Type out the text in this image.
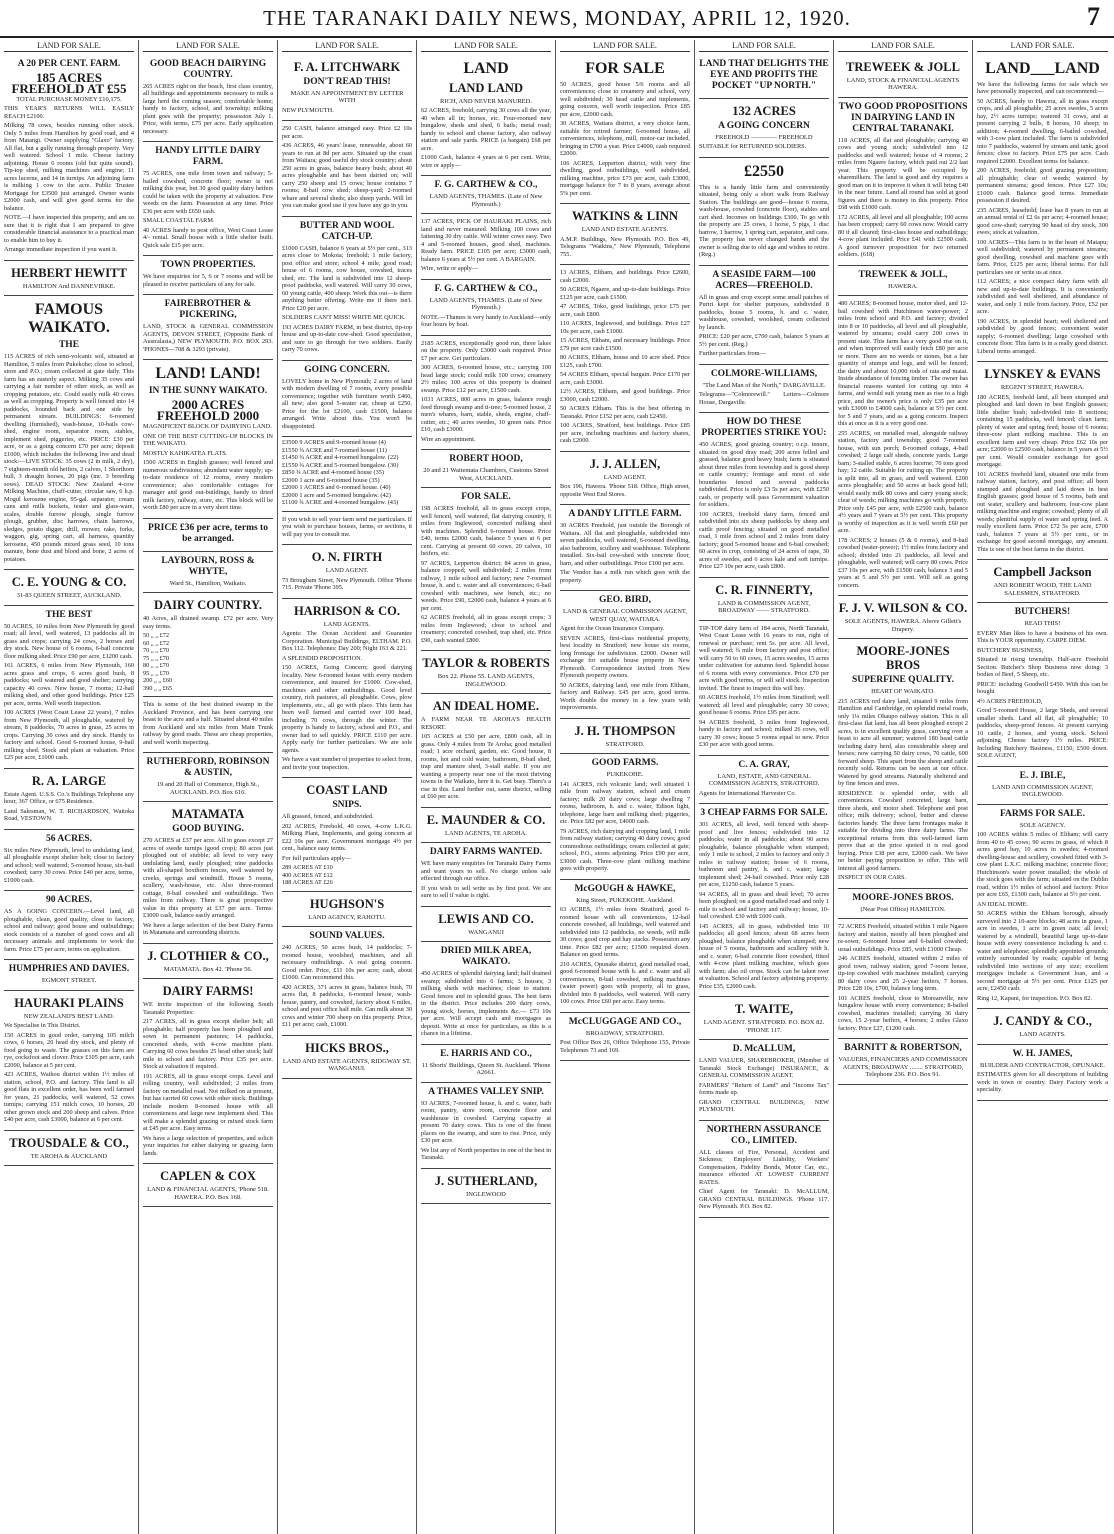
THE TARANAKI DAILY NEWS, MONDAY, APRIL 12, 1920.	7
LAND FOR SALE.
A 20 PER CENT. FARM.
185 ACRES FREEHOLD AT £55
TOTAL PURCHASE MONEY £10,175.

THIS YEAR'S RETURNS WILL EASILY REACH £2100.

Milking 78 cows, besides running other stock. Only 5 miles from Hamilton by good road, and 4 from Matangi. Owner supplying "Glaxo" factory. All flat, but a gully running through property. Very well watered. School 1 mile. Cheese factory adjoining. House 6 rooms (old but quite sound). Tip-top shed, milking machines and engine; 11 acres lucerne, and 14 in turnips. An adjoining farm is milking 1 cow to the acre. Public Trustee Mortgage for £3500 just arranged. Owner wants £2000 cash, and will give good terms for the balance.

NOTE.—I have inspected this property, and am so sure that it is right that I am prepared to give considerable financial assistance to a practical man to enable him to buy it.

Arrange immediate inspection if you want it.

HERBERT HEWITT
HAMILTON And DANNEVIRKE.
FAMOUS WAIKATO.
THE

115 ACRES of rich semi-volcanic soil, situated at Hamilton, 5 miles from Pukekohe; close to school, store and P.O.; cream collected at gate daily. This farm has an easterly aspect. Milking 35 cows and carrying a fair number of other stock, as well as cropping potatoes, etc. Could easily milk 40 cows as well as cropping. Property is well fenced into 14 paddocks, bounded back and one side by permanent stream. BUILDINGS: 6-roomed dwelling (furnished), wash-house, 10-bails cow-shed, engine room, separator room, stables, implement shed, piggeries, etc. PRICE: £30 per acre, or as a going concern £70 per acre; deposit £1000, which includes the following live and dead stock:—LIVE STOCK: 35 cows (2 in milk, 2 dry), 7 eighteen-month old heifers, 2 calves, 1 Shorthorn bull, 3 draught horses, 20 pigs (inc. 3 breeding sows). DEAD STOCK: New Zealand 4-cow Milking Machine, chaff-cutter, circular saw, 6 h.p. Mogul kerosene engine, 95-gal. separator, cream cans and milk buckets, tester and glass-ware, scales, double furrow plough, single furrow plough, grubber, disc harrows, chain harrows, sledges, potato digger, drill, mower, rake, forks, waggon, gig, spring cart, all harness, quantity kerosene, 450 pounds mixed grass seed, 10 tons manure, bone dust and blood and bone, 2 acres of potatoes.

C. E. YOUNG & CO.
31-83 QUEEN STREET, AUCKLAND.
THE BEST

50 ACRES, 10 miles from New Plymouth by good road; all level, well watered, 13 paddocks all in grass and crops; carrying 24 cows, 2 horses and dry stock. New house of 6 rooms, 6-bail concrete floor milking shed. Price £90 per acre, £1200 cash.

161 ACRES, 6 miles from New Plymouth, 160 acres grass and crops, 6 acres good bush, 8 paddocks; well watered and good shelter; carrying capacity 40 cows. New house, 7 rooms; 12-bail milking shed, and other good buildings. Price £25 per acre, terms. Well worth inspection.

100 ACRES (West Coast Lease 22 years), 7 miles from New Plymouth, all ploughable, watered by stream, 8 paddocks, 70 acres in grass, 25 acres in crops. Carrying 30 cows and dry stock. Handy to factory and school. Good 6-roomed house, 9-bail milking shed. Stock and plant at valuation. Price £25 per acre, £1000 cash.

R. A. LARGE

Estate Agent. U.S.S. Co.'s Buildings Telephone any hour, 367 Office, or 675 Residence.

Land Salesman, W. T. RICHARDSON, Waitoka Road, VESTOWN.

56 ACRES.

Six miles New Plymouth, level to undulating land, all ploughable except shelter belt; close to factory and school; well watered; 5-roomed house, six-bail cowshed; carry 30 cows. Price £40 per acre, terms, £1000 cash.

90 ACRES.

AS A GOING CONCERN.—Level land, all ploughable, clean, good quality, close to factory, school and railway; good house and outbuildings; stock consists of a number of good cows and all necessary animals and implements to work the farm. Price £75 per acre, terms on application.

HUMPHRIES AND DAVIES.
EGMONT STREET.
HAURAKI PLAINS
NEW ZEALAND'S BEST LAND.

We Specialise in This District.

150 ACRES in good order, carrying 105 milch cows, 6 horses, 20 head dry stock, and plenty of food going to waste. The grasses on this farm are rye, cocksfoot and clover. Price £105 per acre, cash £2000, balance at 5 per cent.

423 ACRES, Waihou district within 1½ miles of station, school, P.O. and factory. This land is all good flats in excellent order, has been well farmed for years, 21 paddocks, well watered, 52 cows turnips; carrying 151 milch cows, 10 horses, 20 other grown stock and 200 sheep and calves. Price £40 per acre, cash £3000, balance at 6 per cent.

TROUSDALE & CO.,
TE AROHA & AUCKLAND
LAND FOR SALE.
GOOD BEACH DAIRYING COUNTRY.

265 ACRES right on the beach, first class country, all buildings and appointments necessary to milk a large herd the coming season; comfortable home; handy to factory, school, and township; milking plant goes with the property; possession July 1. Price, with terms, £75 per acre. Early application necessary.

HANDY LITTLE DAIRY FARM.

75 ACRES, one mile from town and railway; 5-bailed cowshed, concrete floor; owner is not milking this year, but 30 good quality dairy heifers could be taken with the property at valuation. Few weeds on the farm. Possession at any time. Price £36 per acre with £650 cash.

SMALL COASTAL FARM.

40 ACRES handy to post office, West Coast Lease 4/- rental. Small house with a little shelter built. Quick sale £15 per acre.

TOWN PROPERTIES.

We have enquiries for 5, 6 or 7 rooms and will be pleased to receive particulars of any for sale.

FAIREBROTHER & PICKERING,

LAND, STOCK & GENERAL COMMISSION AGENTS, DEVON STREET, (Opposite Bank of Australasia,) NEW PLYMOUTH. P.O. BOX 293. 'PHONES—708 & 3293 (private).

LAND! LAND!
IN THE SUNNY WAIKATO.
2000 ACRES FREEHOLD 2000

MAGNIFICENT BLOCK OF DAIRYING LAND.

ONE OF THE BEST CUTTING-UP BLOCKS IN THE WAIKATO.

MOSTLY KAHIKATEA FLATS.

1500 ACRES in English grasses; well fenced and numerous subdivisions; abundant water supply; up-to-date residence of 12 rooms, every modern convenience; also comfortable cottages for manager and good out-buildings, handy to dried milk factory, railway, store, etc. This block will be worth £80 per acre in a very short time.

PRICE £36 per acre, terms to be arranged.
LAYBOURN, ROSS & WHYTE,
Ward St., Hamilton, Waikato.
DAIRY COUNTRY.

40 Acres, all drained swamp. £72 per acre. Very easy terms.

50 „ „ £72
60 „ „ £72
70 „ „ £70
75 „ „ £70
80 „ „ £70
95 „ „ £70
200 „ „ £60
390 „ „ £65

This is some of the best drained swamp in the Auckland Province, and has been carrying one beast to the acre and a half. Situated about 40 miles from Auckland and six miles from Main Trunk railway by good roads. These are cheap properties, and well worth inspecting.

RUTHERFORD, ROBINSON & AUSTIN,
19 and 20 Hall of Commerce, High St., AUCKLAND. P.O. Box 616.
MATAMATA
GOOD BUYING.

270 ACRES at £37 per acre. All in grass except 27 acres of swede turnips (good crop); 80 acres just ploughed out of stubble; all level to very easy undulating land, easily ploughed; nine paddocks with all-shaped boxthorn fences, well watered by creeks, springs and windmill. House 5 rooms, scullery, wash-house, etc. Also three-roomed cottage, 8-bail cowshed and outbuildings. Two miles from railway. There is great prospective value in this property at £37 per acre. Terms: £3000 cash, balance easily arranged.

We have a large selection of the best Dairy Farms in Matamata and surrounding districts.

J. CLOTHIER & CO.,
MATAMATA. Box 42. 'Phone 56.
DAIRY FARMS!

WE invite inspection of the following South Taranaki Properties:

217 ACRES, all in grass except shelter belt; all ploughable; half property has been ploughed and sown in permanent pastures; 14 paddocks, concreted sheds, with 4-cow machine plant. Carrying 60 cows besides 25 head other stock; half mile to school and factory. Price £35 per acre. Stock at valuation if required.

191 ACRES, all in grass except crops. Level and rolling country, well subdivided; 2 miles from factory on metalled road. Not milked on at present, but has carried 60 cows with other stock. Buildings include modern 8-roomed house with all conveniences and large new implement shed. This will make a splendid grazing or mixed stock farm at £45 per acre. Easy terms.

We have a large selection of properties, and solicit your inquiries for either dairying or grazing farm lands.

CAPLEN & COX
LAND & FINANCIAL AGENTS, 'Phone 518. HAWERA. P.O. Box 168.
LAND FOR SALE.
F. A. LITCHWARK
DON'T READ THIS!
MAKE AN APPOINTMENT BY LETTER WITH

NEW PLYMOUTH.

250 CASH, balance arranged easy. Price £2 10s per acre.

436 ACRES, 46 years' lease, renewable, about 60 years to run at 8d per acre. Situated up the coast from Waitara; good useful dry stock country; about 250 acres in grass, balance heavy bush; about 40 acres ploughable and has been dairied on; will carry 250 sheep and 15 cows; house contains 7 rooms; 8-bail cow shed; sheep-yard; 2-roomed whare and several sheds; also sheep yards. Will let you can make good use if you have any go in you.

BUTTER AND WOOL CATCH-UP.

£1000 CASH, balance 6 years at 5½ per cent., 313 acres close to Mokoia; freehold; 1 mile factory, post office and store; school 4 mile, good road; house of 6 rooms, cow house, cowshed, traces shed, etc. The land is subdivided into 12 sheep-proof paddocks, well watered. Will carry 30 cows, 60 young cattle, 400 sheep. Work this out—is there anything better offering. Write me if there isn't. Price £20 per acre.

SOLDIERS CAN'T MISS! WRITE ME QUICK.

193 ACRES DAIRY FARM, in best district, tip-top house and up-to-date cow-shed. Good speculation, and sure to go through for two soldiers. Easily carry 70 cows.

GOING CONCERN.

LOVELY home in New Plymouth; 2 acres of land with modern dwelling of 7 rooms, every possible convenience; together with furniture worth £460, all new; also good 5-seater car, cheap at £250. Price for the lot £2100, cash £1500, balance arranged. Write about this. You won't be disappointed.

£3500 9 ACRES and 9-roomed house (4)
£1550 ¾ ACRE and 7-roomed house (11)
£1450 ¾ ACRE and 4-roomed bungalow. (22)
£1550 ¾ ACRE and 5-roomed bungalow. (30)
£850 ¾ ACRE and 4-roomed house (35)
£2000 1 acre and 6-roomed house (35)
£2000 1 ACRES and 6-roomed house. (40)
£2000 1 acre and 5-roomed bungalow. (42)
£1100 ¾ ACRE and 4-roomed bungalow. (43)

If you wish to sell your farm send me particulars. If you wish to purchase houses, farms, or sections, it will pay you to consult me.

O. N. FIRTH
LAND AGENT.

73 Brougham Street, New Plymouth. Office 'Phone 715. Private 'Phone 395.

HARRISON & CO.
LAND AGENTS.

Agents: The Ocean Accident and Guarantee Corporation. Municipal Buildings, ELTHAM. P.O. Box 112. Telephones: Day 200; Night 163 & 221.

A SPLENDID PROPOSITION.

150 ACRES, Going Concern; good dairying locality. New 6-roomed house with every modern convenience, and insured for £1000. Cow-shed, machines and other outbuildings. Good level country, rich pastures, all ploughable. Cows, plow implements, etc., all go with place. This farm has been well farmed and carried over 100 head, including 70 cows, through the winter. The property is handy to factory, school and P.O., and owner had to sell quickly. PRICE £110 per acre. Apply early for further particulars. We are sole agents.

We have a vast number of properties to select from, and invite your inspection.

COAST LAND
SNIPS.

All grassed, fenced, and subdivided.

202 ACRES, Freehold, 40 cows, 4-cow L.K.G. Milking Plant, Implements, and going concern at £22 10s per acre. Government mortgage 4½ per cent., balance easy terms.

For full particulars apply—

289 ACRES AT £10
400 ACRES AT £12
188 ACRES AT £26
HUGHSON'S
LAND AGENCY, RAHOTU.
SOUND VALUES.

240 ACRES, 50 acres bush, 14 paddocks; 7-roomed house, woolshed, machines, and all necessary outbuildings. A real going concern. Good order. Price, £11 10s per acre; cash, about £1000. Can recommend this.

420 ACRES, 371 acres in grass, balance bush, 70 acres flat, 8 paddocks, 6-roomed house, wash-house, pantry, and cowshed, factory about 6 miles, school and post office half mile. Can milk about 30 cows and winter 700 sheep on this property. Price, £11 per acre; cash, £1000.

HICKS BROS.,
LAND AND ESTATE AGENTS, RIDGWAY ST. WANGANUI.
LAND FOR SALE.
LAND
LAND LAND
RICH, AND NEVER MANURED.

62 ACRES, freehold, carrying 30 cows all the year, 40 when all in; horses, etc. Four-roomed new bungalow, sheds and shed, 6 bails; metal road; handy to school and cheese factory, also railway station and sale yards. PRICE (a bargain) £68 per acre.

£1000 Cash, balance 4 years at 6 per cent. Write, wire or apply—

F. G. CARTHEW & CO.,
LAND AGENTS, THAMES. (Late of New Plymouth.)

137 ACRES, PICK OF HAURAKI PLAINS, rich land and never manured. Milking 100 cows and fattening 30 dry cattle. Will winter cows easy. Two 4 and 5-roomed houses, good shed, machines. Ready farm. PRICE £105 per acre; £3000 cash, balance 6 years at 5½ per cent. A BARGAIN.

Wire, write or apply—

F. G. CARTHEW & CO.,
LAND AGENTS, THAMES. (Late of New Plymouth.)

NOTE.—Thames is very handy to Auckland—only four hours by boat.

2185 ACRES, exceptionally good run, three lakes on the property. Only £3000 cash required. Price £7 per acre. Get particulars.

300 ACRES, 6-roomed house, etc.; carrying 100 head large stock; could milk 100 cows; creamery 2½ miles; 100 acres of this property is drained swamp. Price £12 per acre, £1500 cash.

1031 ACRES, 800 acres in grass, balance rough feed through swamp and ti-tree; 5-roomed house, 2 men's whares, barn, stable, sheds, engine, chaff-cutter, etc.; 40 acres swedes, 10 green oats. Price £10, cash £3000.

Wire an appointment.

ROBERT HOOD,
20 and 21 Waitemata Chambers, Customs Street West, AUCKLAND.
FOR SALE.

198 ACRES freehold, all in grass except crops, well fenced, well watered, flat dairying country, 6 miles from Inglewood, concreted milking shed with machines. Splendid 6-roomed house. Price £40, terms £2000 cash, balance 5 years at 6 per cent. Carrying at present 60 cows, 20 calves, 10 heifers, etc.

97 ACRES, Lepperton district; 84 acres in grass, balance cropped; well subdivided; 2 miles from railway, 1 mile school and factory; new 7-roomed house, h. and c. water and all conveniences; 6-bail cowshed with machines, saw bench, etc.; no weeds. Price £90, £2000 cash, balance 4 years at 6 per cent.

62 ACRES freehold, all in grass except crops; 3 miles from Inglewood; close to school and creamery; concreted cowshed, trap shed, etc. Price £90, cash wanted £800.

TAYLOR & ROBERTS
Box 22. Phone 55. LAND AGENTS, INGLEWOOD.
AN IDEAL HOME.

A FARM NEAR TE AROHA'S HEALTH RESORT.

105 ACRES at £50 per acre, £800 cash, all in grass. Only 4 miles from Te Aroha; good metalled road; 1 acre orchard, garden, etc. Good house, 8 rooms, hot and cold water, bathroom, 8-bail shed, trap and manure shed, 3-stall stable. If you are wanting a property near one of the most thriving towns in the Waikato, here it is. Get busy. There's a rise in this. Land further out, same district, selling at £60 per acre.

E. MAUNDER & CO.
LAND AGENTS, TE AROHA.
DAIRY FARMS WANTED.

WE have many enquiries for Taranaki Dairy Farms and want yours to sell. No charge unless sale effected through our office.

If you wish to sell write us by first post. We are sure to sell if value is right.

LEWIS AND CO.
WANGANUI
DRIED MILK AREA, WAIKATO.

450 ACRES of splendid dairying land; half drained swamp; subdivided into 6 farms; 3 houses; 3 milking sheds with machines; close to station. Good fences and in splendid grass. The best farm in the district. Price includes 200 dairy cows, young stock, horses, implements &c.— £73 10s per acre. Will accept cash and mortgages as deposit. Write at once for particulars, as this is a chance in a lifetime.

E. HARRIS AND CO.,
11 Shorts' Buildings, Queen St. Auckland. 'Phone A2661.
A THAMES VALLEY SNIP.

93 ACRES, 7-roomed house, h. and c. water, bath room, pantry, store room, concrete floor and washhouse in cowshed. Carrying capacity at present 70 dairy cows. This is one of the finest places on the swamp, and sure to rise. Price, only £30 per acre.

We list any of North properties in one of the best in Taranaki.

J. SUTHERLAND,
INGLEWOOD
LAND FOR SALE.
FOR SALE

50 ACRES, good house 5/6 rooms and all conveniences; close to creamery and school, very well subdivided; 30 head cattle and implements, going concern, well worth inspection. Price £85 per acre, £2000 cash.

30 ACRES, Waitara district, a very choice farm, suitable for retired farmer; 6-roomed house, all conveniences, telephone, mill, motor-car included, bringing in £700 a year. Price £4000, cash required £2000.

106 ACRES, Lepperton district, with very fine dwelling, good outbuildings, well subdivided, milking machine, price £73 per acre, cash £3000, mortgage balance for 7 to 8 years, average about 5% per cent.

WATKINS & LINN
LAND AND ESTATE AGENTS.

A.M.P. Buildings, New Plymouth. P.O. Box 49, Telegrams "Watkins," New Plymouth, Telephone 755.

13 ACRES, Eltham, and buildings. Price £2600, cash £2000.

50 ACRES, Ngaere, and up-to-date buildings. Price £125 per acre, cash £1500.

47 ACRES, Toko, good buildings, price £75 per acre, cash £800.

110 ACRES, Inglewood, and buildings. Price £27 10s per acre, cash £1000.

15 ACRES, Eltham, and necessary buildings. Price £79 per acre cash £1500.

80 ACRES, Eltham, house and 10 acre shed. Price £125, cash £700.

54 ACRES Eltham, special bargain. Price £170 per acre, cash £3000.

12½ ACRES, Eltham, and good buildings. Price £3000, cash £2000.

50 ACRES Eltham. This is the best offering in Taranaki. Price £152 per acre, cash £2450.

100 ACRES, Stratford, best buildings. Price £85 per acre, including machines and factory shares, cash £2000.

J. J. ALLEN,
LAND AGENT.

Box 196, Hawera. 'Phone 518. Office, High street, opposite West End Stores.

A DANDY LITTLE FARM.

30 ACRES Freehold, just outside the Borough of Waitara. All flat and ploughable, subdivided into seven paddocks, well watered, 6-roomed dwelling, also bathroom, scullery and washhouse. Telephone installed. Six-bail cow-shed with concrete floor, barn, and other outbuildings. Price £100 per acre.

The Vendor has a milk run which goes with the property.

GEO. BIRD,
LAND & GENERAL COMMISSION AGENT, WEST QUAY, WAITARA.

Agent for the Ocean Insurance Company.

SEVEN ACRES, first-class residential property, best locality in Stratford; new house six rooms, long frontage for subdivision. £2000. Owner will exchange for suitable house property in New Plymouth. Correspondence invited from New Plymouth property owners.

50 ACRES, dairying land, one mile from Eltham, factory and Railway. £45 per acre, good terms. Worth double the money in a few years with improvements.

J. H. THOMPSON
STRATFORD.
GOOD FARMS.
PUKEKOHE.

141 ACRES, rich volcanic land; well situated 1 mile from railway station, school and cream factory; milk 20 dairy cows; large dwelling 7 rooms, bathroom, h. and c. water, Edison light, telephone, large barn and milking shed; piggeries, etc. Price £82 per acre, £4000 cash.

79 ACRES, rich dairying and cropping land, 1 mile from railway station; carrying 40 dairy cows; good commodious outbuildings; cream collected at gate; school, P.O., stores adjoining. Price £90 per acre, £3000 cash. Three-cow plant milking machine goes with property.

McGOUGH & HAWKE,
King Street, PUKEKOHE. Auckland.

63 ACRES, 1½ miles from Stratford, good 6-roomed house with all conveniences, 12-bail concrete cowshed, all buildings, well watered and subdivided into 12 paddocks, no weeds, will milk 30 cows; good crop and hay stacks. Possession any time. Price £82 per acre; £1500 required down. Balance on good terms.

210 ACRES, Opunake district, good metalled road, good 6-roomed house with h. and c. water and all conveniences, 8-bail cowshed, milking machines (water power) goes with property, all in grass, divided into 8 paddocks, well watered. Will carry 100 cows. Price £60 per acre. Easy terms.

McCLUGGAGE AND CO.,
BROADWAY, STRATFORD.

Post Office Box 26, Office Telephone 155, Private Telephones 73 and 169.

LAND FOR SALE.
LAND THAT DELIGHTS THE EYE AND PROFITS THE POCKET "UP NORTH."
132 ACRES
A GOING CONCERN
FREEHOLD ———— FREEHOLD

SUITABLE for RETURNED SOLDIERS.

£2550

This is a handy little farm and conveniently situated, being only a short walk from Railway Station. The buildings are good—house 6 rooms, wash-house, cowshed (concrete floor), stables and cart shed. Incomes on buildings £300. To go with the property are 25 cows, 1 horse, 5 pigs, 1 disc harrow, 1 harrow, 1 spring cart, separator, and cans. The property has never changed hands and the owner is selling due to old age and wishes to retire. (Reg.)

A SEASIDE FARM—100 ACRES—FREEHOLD.

All in grass and crop except some small patches of Puriri kept for shelter purposes, subdivided 8 paddocks, house 5 rooms, h. and c. water, washhouse, cowshed, woolshed, cream collected by launch.

PRICE: £20 per acre, £700 cash, balance 5 years at 5½ per cent. (Reg.)

Further particulars from—

COLMORE-WILLIAMS,
"The Land Man of the North," DARGAVILLE.

Telegrams—"Colmorewill." Letters—Colmore House, Dargaville.

HOW DO THESE PROPERTIES STRIKE YOU:

450 ACRES, good grazing country; o.r.p. tenure, situated on good dray road; 200 acres felled and grassed, balance good heavy bush; farm is situated about three miles from township and is good sheep or cattle country; frontage and most of side boundaries fenced and several paddocks subdivided. Price is only £3 5s per acre, with £250 cash, or property will pass Government valuation for soldiers.

100 ACRES, freehold dairy farm, fenced and subdivided into six sheep paddocks by sheep and cattle proof fencing; situated on good metalled road, 1 mile from school and 2 miles from dairy factory; good 5-roomed house and 6-bail cowshed; 60 acres in crop, consisting of 24 acres of rape, 30 acres of swedes, and 6 acres kale and soft turnips. Price £27 10s per acre, cash £800.

C. R. FINNERTY,
LAND & COMMISSION AGENT, BROADWAY —— STRATFORD.

TIP-TOP dairy farm of 184 acres, North Taranaki, West Coast Lease with 16 years to run, right of renewal or purchase; rent 5s. per acre. All level, well watered; ¾ mile from factory and post office; will carry 50 to 60 cows, 15 acres swedes, 15 acres under cultivation for autumn feed. Splendid house of 6 rooms with every convenience. Price £70 per acre with good terms, or will sell stock. Inspection invited. The finest to inspect this will buy.

60 ACRES freehold, 1½ miles from Stratford; well watered; all level and ploughable; carry 30 cows; good house 6 rooms. Price £95 per acre.

94 ACRES freehold, 3 miles from Inglewood, handy to factory and school; milked 26 cows, will carry 30 cows; house 5 rooms equal to new. Price £30 per acre with good terms.

C. A. GRAY,
LAND, ESTATE, AND GENERAL COMMISSION AGENTS, STRATFORD.

Agents for International Harvester Co.

3 CHEAP FARMS FOR SALE.

301 ACRES, all level, well fenced with sheep-proof and live fences; subdivided into 12 paddocks; water in all paddocks; about 90 acres ploughable, balance ploughable when stumped; only 1 mile to school, 2 miles to factory and only 3 miles to railway station; house of 6 rooms, bathroom and pantry, h. and c. water; large implement shed; 24-bail cowshed. Price only £28 per acre, £1250 cash, balance 5 years.

94 ACRES, all in grass and dead level; 70 acres been ploughed; on a good metalled road and only 1 mile to school and factory and railway; house, 10-bail cowshed. £30 with £600 cash.

145 ACRES, all in grass, subdivided into 10 paddocks; all good fences; about 68 acres been ploughed, balance ploughable when stumped; new house of 5 rooms, bathroom and scullery with h. and c. water; 6-bail concrete floor cowshed, fitted with 4-cow plant milking machine, which goes with farm; also oil crops. Stock can be taken over at valuation. School and factory adjoining property. Price £35, £2000 cash.

T. WAITE,
LAND AGENT. STRATFORD. P.O. BOX 82. 'PHONE 117.
D. McALLUM,

LAND VALUER, SHAREBROKER, (Member of Taranaki Stock Exchange) INSURANCE, & GENERAL COMMISSION AGENT.

FARMERS' "Return of Land" and "Income Tax" forms made up.

GRAND CENTRAL BUILDINGS, NEW PLYMOUTH.

NORTHERN ASSURANCE CO., LIMITED.

ALL classes of Fire, Personal, Accident and Sickness; Employers' Liability, Workers' Compensation, Fidelity Bonds, Motor Car, etc., insurance effected AT LOWEST CURRENT RATES.

Chief Agent for Taranaki: D. McALLUM, GRAND CENTRAL BUILDINGS. 'Phone 117. New Plymouth. P.O. Box 82.

LAND FOR SALE.
TREWEEK & JOLL
LAND, STOCK & FINANCIAL AGENTS HAWERA.
TWO GOOD PROPOSITIONS IN DAIRYING LAND IN CENTRAL TARANAKI.

118 ACRES, all flat and ploughable; carrying 40 cows and young stock; subdivided into 12 paddocks and well watered; house of 4 rooms; 2 miles from Ngaere factory, which paid out 2/2 last year. This property will be occupied by sharemilkers. The land is good and dry requires a good man on it to improve it when it will bring £40 in the near future. Land all round has sold at good figures and there is money in this property. Price £68 with £1000 cash.

172 ACRES, all level and all ploughable; 100 acres has been cropped; carry 60 cows now. Would carry 80 if all cleared; first-class house and outbuildings; 4-cow plant included. Price £41 with £2500 cash. A good turnover proposition for two returned soldiers. (618)

TREWEEK & JOLL,
HAWERA.

480 ACRES; 8-roomed house, motor shed, and 12-bail cowshed with Hutchinson water-power; 2 miles from school and P.O. and factory; divided into 8 or 10 paddocks, all level and all ploughable, watered by streams; could carry 200 cows in present state. This farm has a very good rise on it, and when improved will easily fetch £80 per acre or more. There are no weeds or stones, but a fair quantity of stumps and logs, and will be fenced; the dairy and about 10,000 rods of rata and matai. Inside abundance of fencing timber. The owner has financial reasons wanted for cutting up into 4 farms, and would suit young men as rise to a high price, and the owner's price is only £35 per acre with £3000 to £4000 cash, balance at 5½ per cent. for 5 and 7 years, and as a going concern. Inspect this at once as it is a very good one.

255 ACRES, on metalled road, alongside railway station, factory and township; good 7-roomed house, with sun porch; 8-roomed cottage, 4-bail cowshed; 2 large calf sheds, concrete yards. Large barn; 3-stalled stable, 6 acres lucerne; 70 tons good hay; 12 cattle. Suitable for cutting up. The property is split into, all in grass, and well watered. £200 acres ploughable; and 50 acres at back good hill; would easily milk 80 cows and carry young stock; clear of weeds; milking machines go with property. Price only £45 per acre, with £2500 cash, balance 4½ years and 7 years at 5½ per cent. This property is worthy of inspection as it is well worth £60 per acre.

178 ACRES; 2 houses (5 & 6 rooms), and 8-bail cowshed (water-power); 1½ miles from factory and school; divided into 21 paddocks, all level and ploughable, well watered; will carry 80 cows. Price £37 10s per acre, with £1500 cash, balance 3 and 5 years at 5 and 5½ per cent. Will sell as going concern.

F. J. V. WILSON & CO.
SOLE AGENTS, HAWERA. Above Gillett's Drapery.
MOORE-JONES BROS
SUPERFINE QUALITY.
HEART OF WAIKATO.

215 ACRES red dairy land, situated 9 miles from Hamilton and Cambridge, on splendid metal roads, only 1¼ miles Ohaupo railway station. This is all first-class flat land, has all been ploughed except 2 acres, is in excellent quality grass, carrying over a beast to acre all summer; watered 180 head cattle including dairy herd, also considerable sheep and horses; now carrying 50 dairy cows, 70 cattle, 600 forward sheep. This apart from the sheep and cattle recently sold. Returns can be seen at our office. Watered by good streams. Naturally sheltered and by fine fences and trees.

RESIDENCE is splendid order, with all conveniences. Cowshed concreted, large barn, three sheds, and motor shed. Telephone and post office; milk delivery; school, butter and cheese factories handy. The three farm frontages make it suitable for dividing into three dairy farms. The exceptional returns from this well-farmed farm prove that at the price quoted it is real good buying. Price £38 per acre, £2000 cash. We have no better paying proposition to offer. This will interest all good farmers.

INSPECT IN OUR CARS.

MOORE-JONES BROS.
(Near Post Office) HAMILTON.

72 ACRES Freehold, situated within 1 mile Ngaere factory and station, mostly all been ploughed and re-sown; 6-roomed house and 6-bailed cowshed; usual outbuildings. Price £85, with £1000 Cheap.

246 ACRES freehold, situated within 2 miles of good town, railway station, good 7-room house, tip-top cowshed with machines installed; carrying 80 dairy cows and 25 2-year heifers, 7 horses. Price £28 10s, £700, balance long term.

101 ACRES freehold, close to Moreanville, new bungalow house with every convenience; 8-bailed cowshed, machines installed; carrying 36 dairy cows, 15 2-year heifers, 4 horses; 2 miles Glaxo factory. Price £27, £1200 cash.

BARNITT & ROBERTSON,
VALUERS, FINANCIERS AND COMMISSION AGENTS, BROADWAY ........ STRATFORD, Telephone 236. P.O. Box 91.
LAND FOR SALE.
LAND___LAND

We have the following farms for sale which we have personally inspected, and can recommend:—

50 ACRES, handy to Hawera, all in grass except crops, and all ploughable; 25 acres swedes, 5 acres hay, 2½ acres turnips; watered 31 cows, and at present carrying 2 bulls, 8 horses, 10 sheep; in addition; 4-roomed dwelling, 6-bailed cowshed, with 3-cow plant included. The farm is subdivided into 7 paddocks, watered by stream and tank; good fences; close to factory. Price £75 per acre. Cash required £2000. Excellent terms for balance.

200 ACRES, freehold; good grazing proposition; all ploughable; clear of weeds; watered by permanent streams; good fences. Price £27 10s; £1000 cash. Balance good terms. Immediate possession if desired.

235 ACRES, leasehold; lease has 8 years to run at an annual rental of £2 6s per acre; 4-roomed house; good cow-shed; carrying 90 head of dry stock, 300 ewes; stock at valuation.

100 ACRES—This farm is in the heart of Matapu; well subdivided; watered by permanent streams; good dwelling, cowshed and machine goes with farm. Price, £125 per acre; liberal terms. For full particulars see or write us at once.

112 ACRES; a nice compact dairy farm with all new and up-to-date buildings. It is conveniently subdivided and well sheltered, and abundance of water, and only 1 mile from factory. Price, £52 per acre.

190 ACRES, in splendid heart; well sheltered and subdivided by good fences; convenient water supply; 6-roomed dwelling; large cowshed with concrete floor. This farm is in a really good district. Liberal terms arranged.

LYNSKEY & EVANS
REGENT STREET, HAWERA.

180 ACRES, freehold land, all been stumped and ploughed and laid down in best English grasses; little shelter bush; sub-divided into 8 sections; containing 15 paddocks, well fenced; clean farm; plenty of water and spring feed; house of 6 rooms; three-cow plant milking machine. This is an excellent farm and very cheap. Price £62 10s per acre; £2000 to £2500 cash, balance in 5 years at 5½ per cent. Would consider exchange for good mortgage.

101 ACRES freehold land, situated one mile from railway station, factory, and post office; all been stumped and ploughed and laid down in best English grasses; good house of 5 rooms, bath and out water, scullery and bathroom; four-cow plant milking machine and engine; cowshed; plenty of all weeds; plentiful supply of water and spring feed. A really excellent farm. Price £72 5s per acre, £700 cash, balance 7 years at 5½ per cent., or in exchange for good second mortgage, any amount. This is one of the best farms in the district.

Campbell Jackson
AND ROBERT WOOD, THE LAND SALESMEN, STRATFORD.
BUTCHERS!
READ THIS!

EVERY Man likes to have a business of his own. This is YOUR opportunity. CARPE DIEM.

BUTCHERY BUSINESS,

Situated in rising township. Half-acre Freehold Section. Butcher's Shop Business now doing: 3 bodies of Beef, 5 Sheep, etc.

PRICE: including Goodwill £450. With this can be bought

4½ ACRES FREEHOLD,

Good 5-roomed House, 2 large Sheds, and several smaller sheds. Land all flat, all ploughable; 10 paddocks, sheep-proof fences. At present carrying 10 cattle, 2 horses, and young stock. School adjoining. Cheese factory 1½ miles. PRICE: Including Butchery Business, £1150, £500 down. SOLE AGENT,

E. J. IBLE,
LAND AND COMMISSION AGENT, INGLEWOOD.
FARMS FOR SALE.
SOLE AGENCY.

100 ACRES within 5 miles of Eltham; will carry from 40 to 45 cows; 90 acres in grass, of which 8 acres good hay, 10 acres in swedes; 4-roomed dwelling-house and scullery, cowshed fitted with 3-cow plant L.X.C. milking machine; concrete floor; Hutchinson's water power installed; the whole of the stock goes with the farm; situated on the Dublin road, within 1½ miles of school and factory. Price per acre £65, £1300 cash, balance at 5½ per cent.

AN IDEAL HOME.

50 ACRES within the Eltham borough, already surveyed into 2 10-acre blocks; 48 acres in grass, 1 acre in swedes, 1 acre in green oats; all level; watered by a windmill, beautiful large up-to-date house with every convenience including h. and c. water and telephone; splendidly appointed grounds; entirely surrounded by roads; capable of being subdivided into sections of any size; excellent mortgages include a Government loan, and a second mortgage at 5½ per cent. Price £125 per acre, £2450 cash.

Ring 12, Kapuni, for inspection. P.O. Box 82.

J. CANDY & CO.,
LAND AGENTS.
W. H. JAMES,
BUILDER AND CONTRACTOR, OPUNAKE.

ESTIMATES given for all descriptions of building work in town or country. Dairy Factory work a speciality.
